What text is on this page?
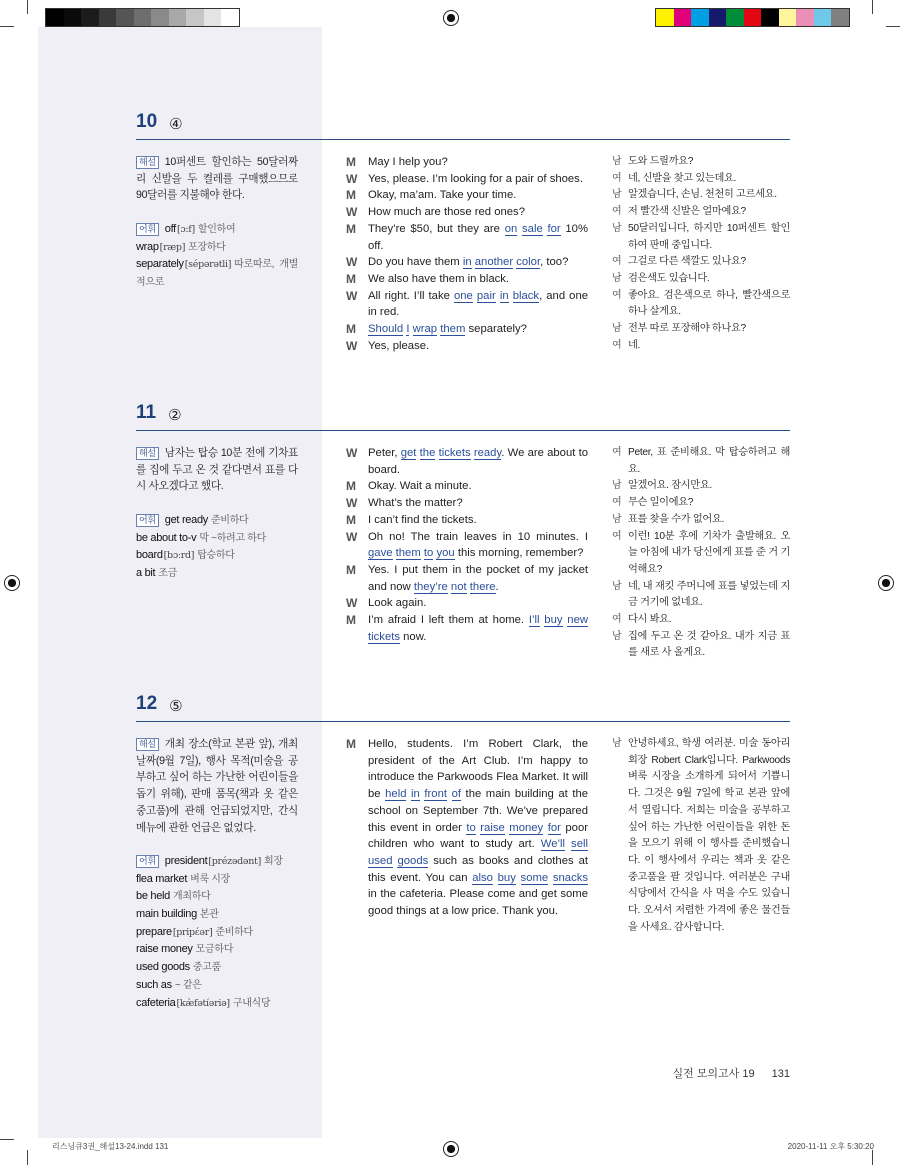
10 ④
해설 10퍼센트 할인하는 50달러짜리 신발을 두 켤레를 구매했으므로 90달러를 지불해야 한다.
어휘 off[ɔ:f] 할인하여
wrap[ræp] 포장하다
separately[sépərətli] 따로따로, 개별적으로
M May I help you?
W Yes, please. I’m looking for a pair of shoes.
M Okay, ma’am. Take your time.
W How much are those red ones?
M They’re $50, but they are on sale for 10% off.
W Do you have them in another color, too?
M We also have them in black.
W All right. I’ll take one pair in black, and one in red.
M Should I wrap them separately?
W Yes, please.
남 도와 드릴까요?
여 네, 신발을 찾고 있는데요.
남 알겠습니다, 손님. 천천히 고르세요.
여 저 빨간색 신발은 얼마예요?
남 50달러입니다, 하지만 10퍼센트 할인하여 판매 중입니다.
여 그걸로 다른 색깔도 있나요?
남 검은색도 있습니다.
여 좋아요. 검은색으로 하나, 빨간색으로 하나 살게요.
남 전부 따로 포장해야 하나요?
여 네.
11 ②
해설 남자는 탑승 10분 전에 기차표를 집에 두고 온 것 같다면서 표를 다시 사오겠다고 했다.
어휘 get ready 준비하다
be about to-v 막 ~하려고 하다
board[bɔːrd] 탑승하다
a bit 조금
W Peter, get the tickets ready. We are about to board.
M Okay. Wait a minute.
W What’s the matter?
M I can’t find the tickets.
W Oh no! The train leaves in 10 minutes. I gave them to you this morning, remember?
M Yes. I put them in the pocket of my jacket and now they’re not there.
W Look again.
M I’m afraid I left them at home. I’ll buy new tickets now.
여 Peter, 표 준비해요. 막 탑승하려고 해요.
남 알겠어요. 잠시만요.
여 무슨 일이에요?
남 표를 찾을 수가 없어요.
여 이런! 10분 후에 기차가 출발해요. 오늘 아침에 내가 당신에게 표를 준 거 기억해요?
남 네, 내 재킷 주머니에 표를 넣었는데 지금 거기에 없네요.
여 다시 봐요.
남 집에 두고 온 것 같아요. 내가 지금 표를 새로 사 올게요.
12 ⑤
해설 개최 장소(학교 본관 앞), 개최 날짜(9월 7일), 행사 목적(미술을 공부하고 싶어 하는 가난한 어린이들을 돕기 위해), 판매 품목(책과 옷 같은 중고품)에 관해 언급되었지만, 간식 메뉴에 관한 언급은 없었다.
어휘 president[prézədənt] 회장
flea market 벼룩 시장
be held 개최하다
main building 본관
prepare[pripέər] 준비하다
raise money 모금하다
used goods 중고품
such as ~ 같은
cafeteria[kæ̀fətíəriə] 구내식당
M Hello, students. I’m Robert Clark, the president of the Art Club. I’m happy to introduce the Parkwoods Flea Market. It will be held in front of the main building at the school on September 7th. We’ve prepared this event in order to raise money for poor children who want to study art. We’ll sell used goods such as books and clothes at this event. You can also buy some snacks in the cafeteria. Please come and get some good things at a low price. Thank you.
남 안녕하세요, 학생 여러분. 미술 동아리 회장 Robert Clark입니다. Parkwoods 벼룩 시장을 소개하게 되어서 기쁩니다. 그것은 9월 7일에 학교 본관 앞에서 열립니다. 저희는 미술을 공부하고 싶어 하는 가난한 어린이들을 위한 돈을 모으기 위해 이 행사를 준비했습니다. 이 행사에서 우리는 책과 옷 같은 중고품을 팔 것입니다. 여러분은 구내식당에서 간식을 사 먹을 수도 있습니다. 오셔서 저렴한 가격에 좋은 물건들을 사세요. 감사합니다.
실전 모의고사 19 131
리스닝큐3권_해설13-24.indd 131	2020-11-11 오후 5:30:20
